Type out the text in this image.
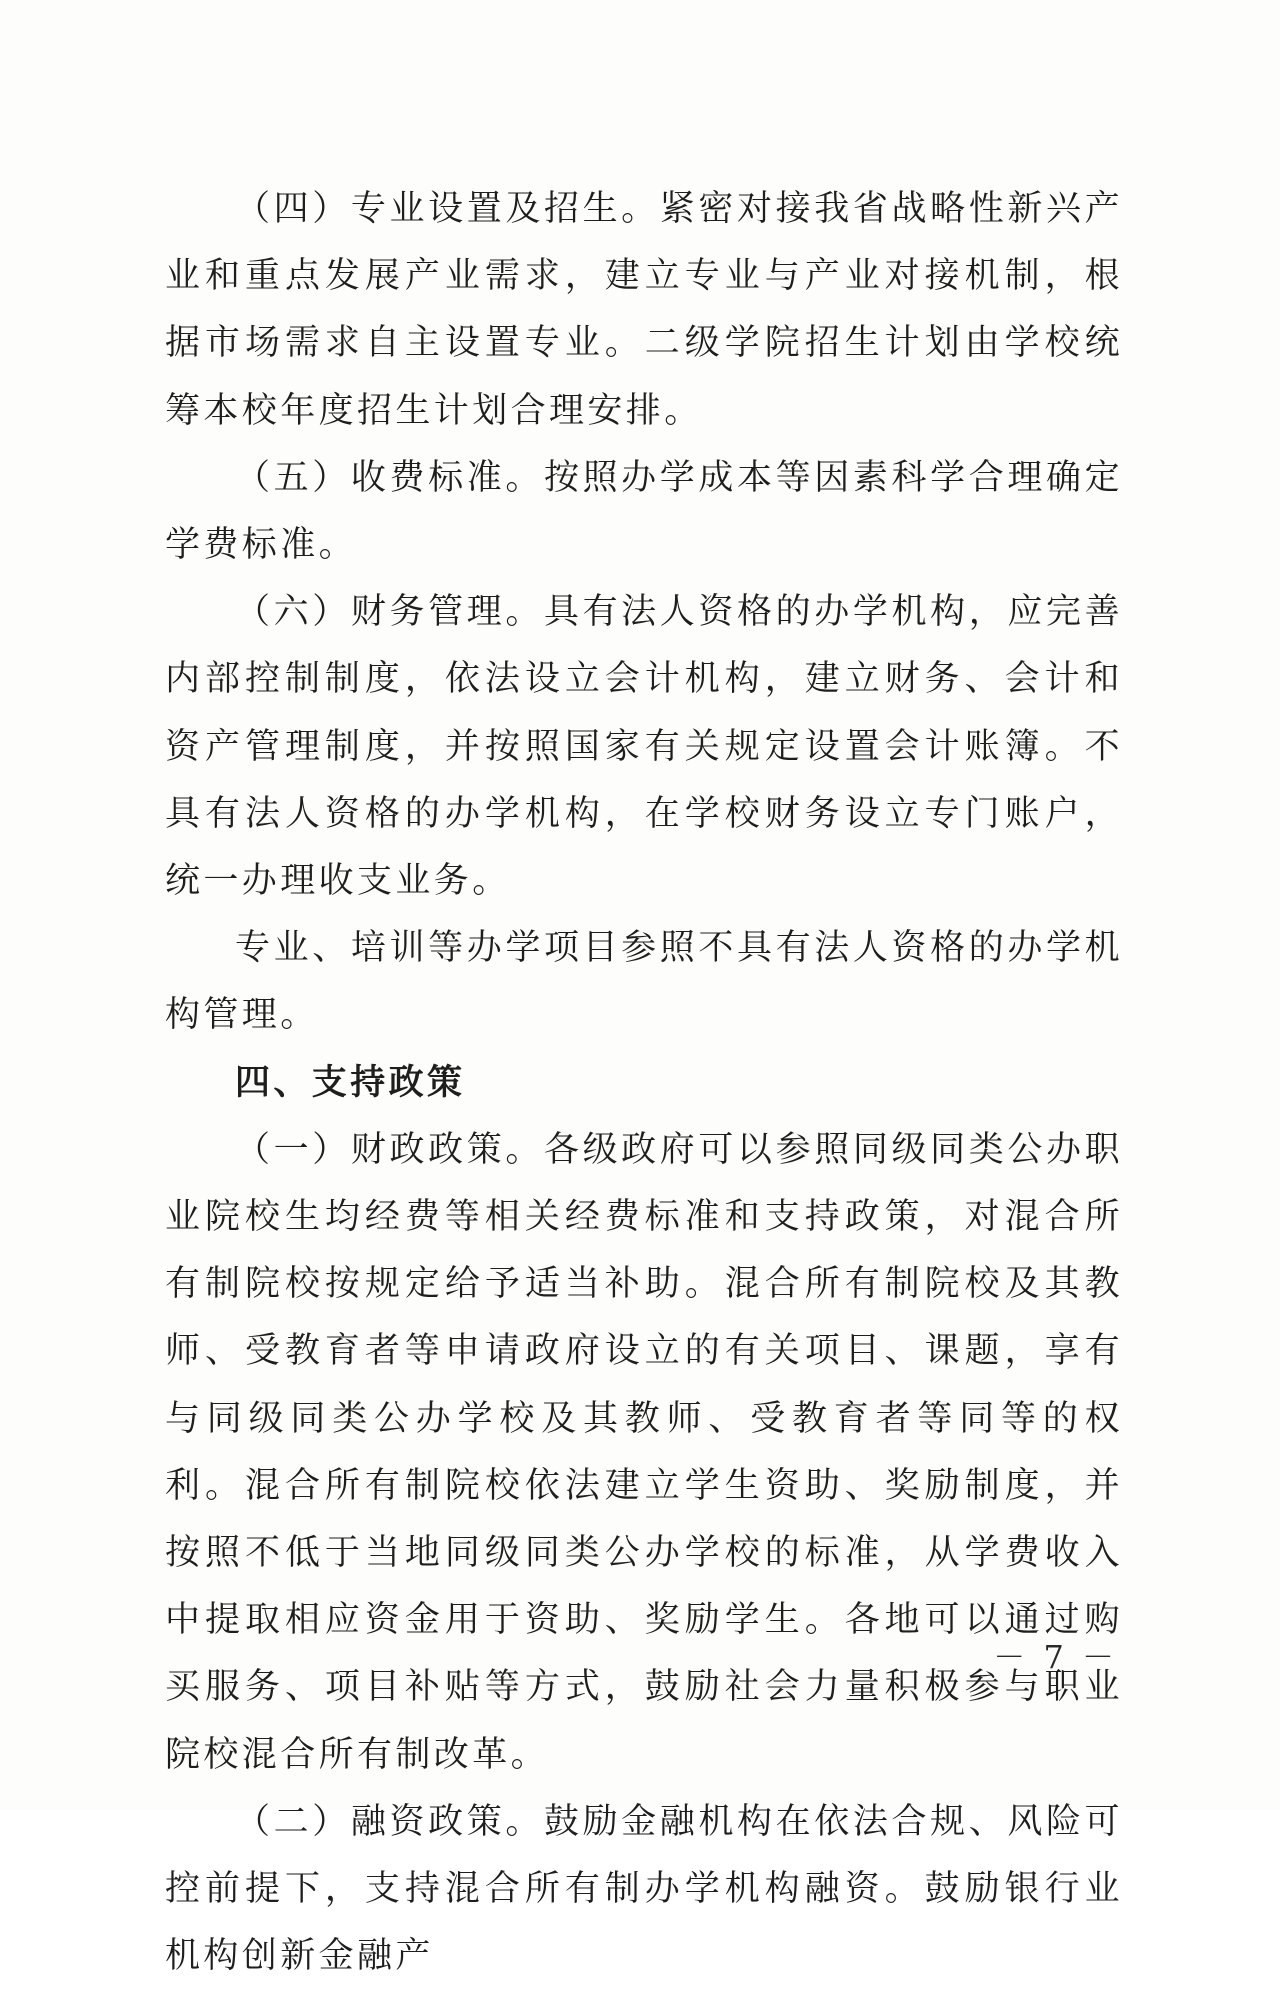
（四）专业设置及招生。紧密对接我省战略性新兴产业和重点发展产业需求，建立专业与产业对接机制，根据市场需求自主设置专业。二级学院招生计划由学校统筹本校年度招生计划合理安排。

（五）收费标准。按照办学成本等因素科学合理确定学费标准。

（六）财务管理。具有法人资格的办学机构，应完善内部控制制度，依法设立会计机构，建立财务、会计和资产管理制度，并按照国家有关规定设置会计账簿。不具有法人资格的办学机构，在学校财务设立专门账户，统一办理收支业务。

专业、培训等办学项目参照不具有法人资格的办学机构管理。

四、支持政策

（一）财政政策。各级政府可以参照同级同类公办职业院校生均经费等相关经费标准和支持政策，对混合所有制院校按规定给予适当补助。混合所有制院校及其教师、受教育者等申请政府设立的有关项目、课题，享有与同级同类公办学校及其教师、受教育者等同等的权利。混合所有制院校依法建立学生资助、奖励制度，并按照不低于当地同级同类公办学校的标准，从学费收入中提取相应资金用于资助、奖励学生。各地可以通过购买服务、项目补贴等方式，鼓励社会力量积极参与职业院校混合所有制改革。

（二）融资政策。鼓励金融机构在依法合规、风险可控前提下，支持混合所有制办学机构融资。鼓励银行业机构创新金融产

－ 7 －
